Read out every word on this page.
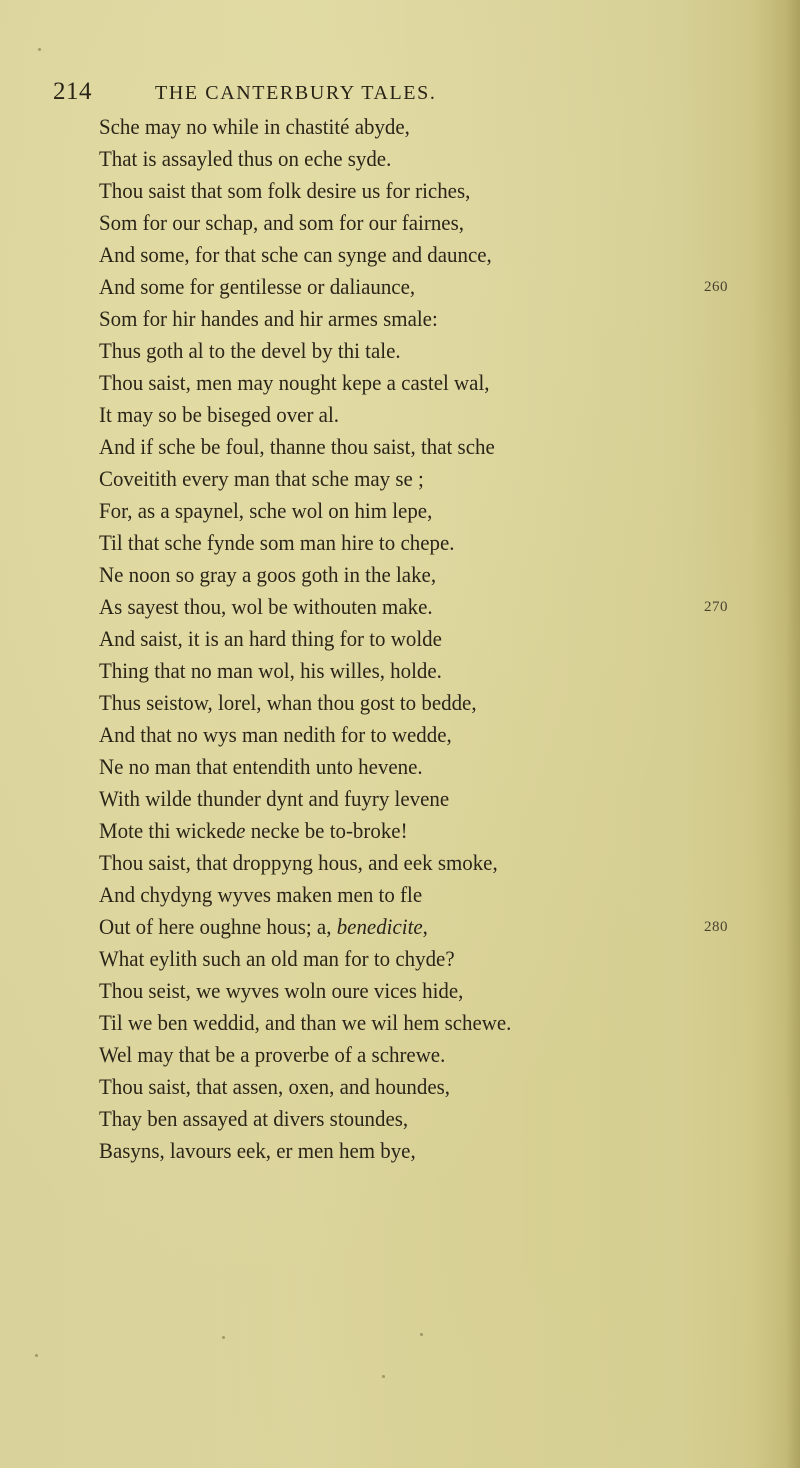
214	THE CANTERBURY TALES.
Sche may no while in chastité abyde,
That is assayled thus on eche syde.
Thou saist that som folk desire us for riches,
Som for our schap, and som for our fairnes,
And some, for that sche can synge and daunce,
And some for gentilesse or daliaunce,	260
Som for hir handes and hir armes smale:
Thus goth al to the devel by thi tale.
Thou saist, men may nought kepe a castel wal,
It may so be biseged over al.
And if sche be foul, thanne thou saist, that sche
Coveitith every man that sche may se ;
For, as a spaynel, sche wol on him lepe,
Til that sche fynde som man hire to chepe.
Ne noon so gray a goos goth in the lake,
As sayest thou, wol be withouten make.	270
And saist, it is an hard thing for to wolde
Thing that no man wol, his willes, holde.
Thus seistow, lorel, whan thou gost to bedde,
And that no wys man nedith for to wedde,
Ne no man that entendith unto hevene.
With wilde thunder dynt and fuyry levene
Mote thi wickede necke be to-broke!
Thou saist, that droppyng hous, and eek smoke,
And chydyng wyves maken men to fle
Out of here oughne hous; a, benedicite,	280
What eylith such an old man for to chyde?
Thou seist, we wyves woln oure vices hide,
Til we ben weddid, and than we wil hem schewe.
Wel may that be a proverbe of a schrewe.
Thou saist, that assen, oxen, and houndes,
Thay ben assayed at divers stoundes,
Basyns, lavours eek, er men hem bye,
